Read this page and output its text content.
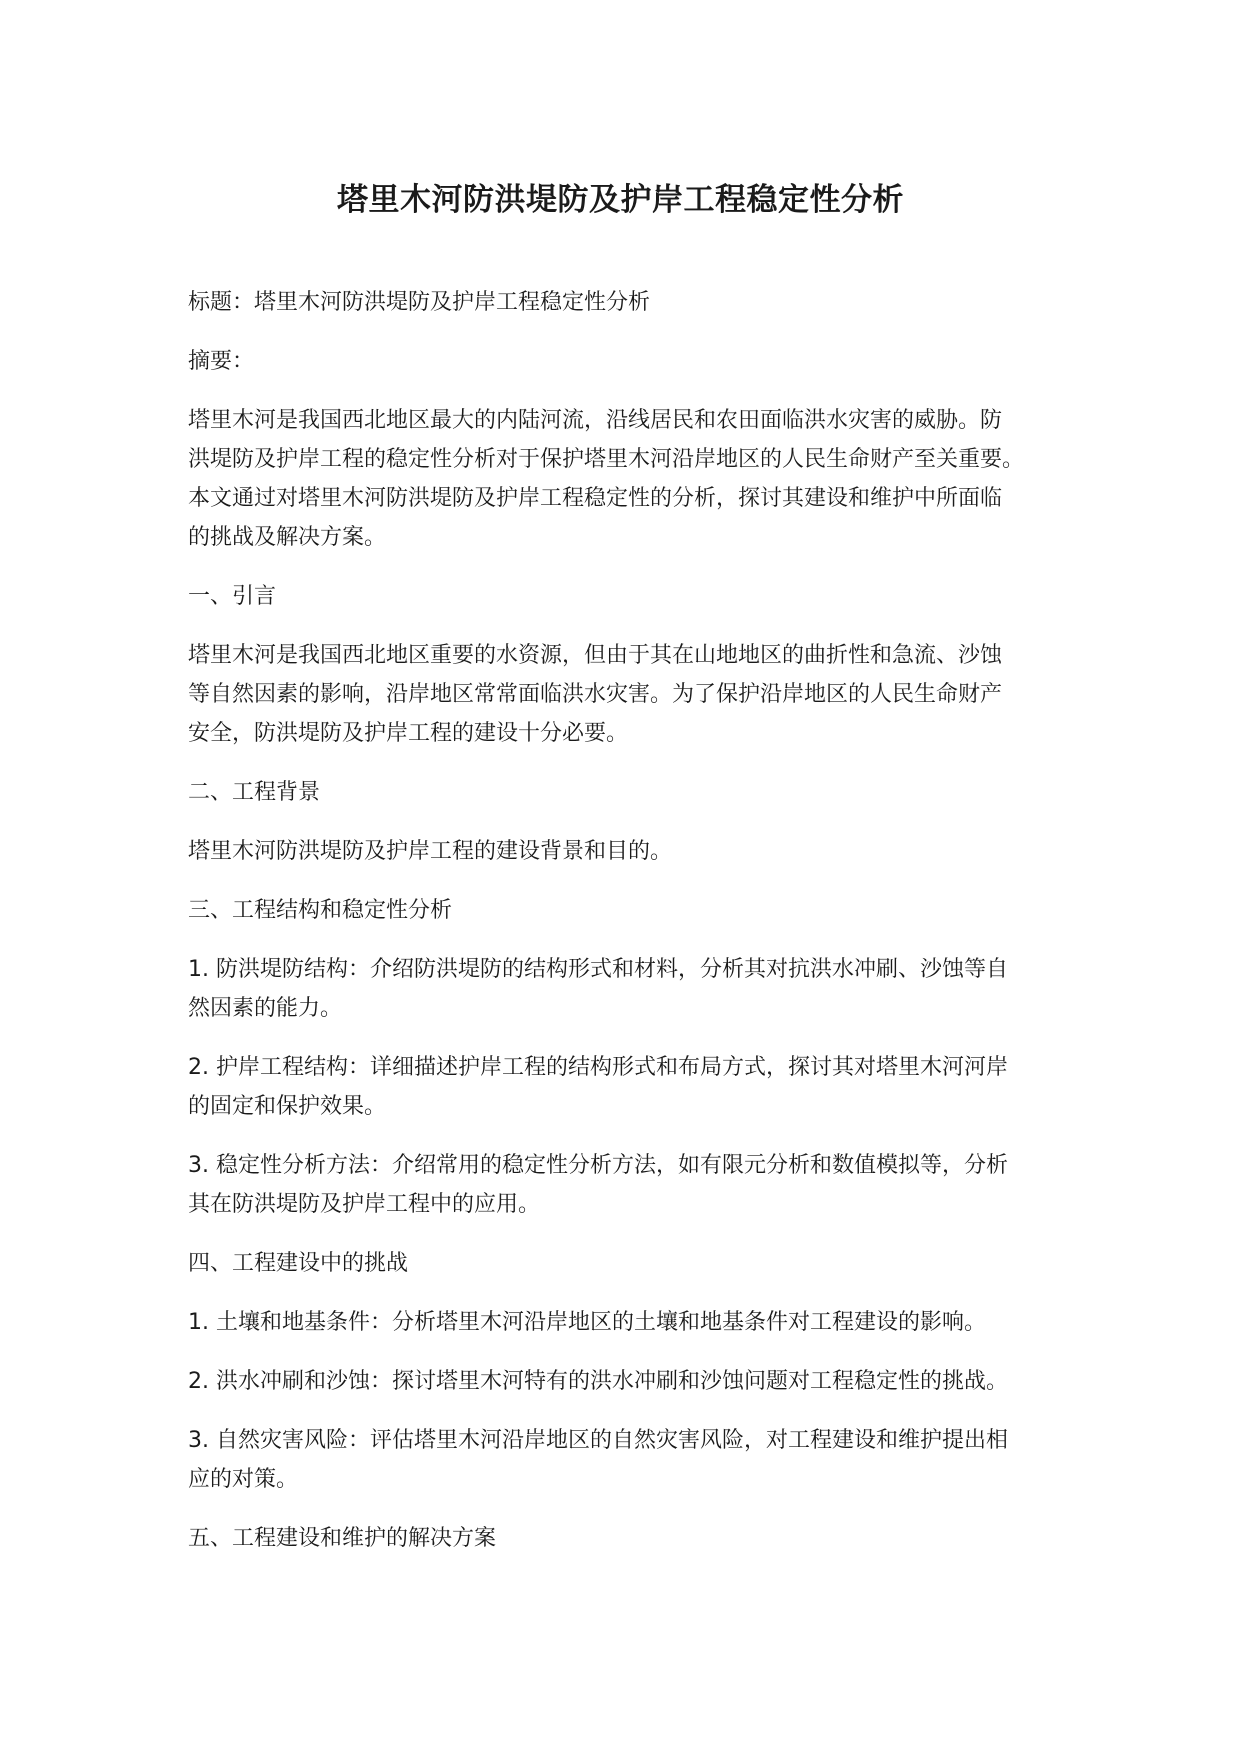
塔里木河防洪堤防及护岸工程稳定性分析
标题：塔里木河防洪堤防及护岸工程稳定性分析
摘要：
塔里木河是我国西北地区最大的内陆河流，沿线居民和农田面临洪水灾害的威胁。防
洪堤防及护岸工程的稳定性分析对于保护塔里木河沿岸地区的人民生命财产至关重要。
本文通过对塔里木河防洪堤防及护岸工程稳定性的分析，探讨其建设和维护中所面临
的挑战及解决方案。
一、引言
塔里木河是我国西北地区重要的水资源，但由于其在山地地区的曲折性和急流、沙蚀
等自然因素的影响，沿岸地区常常面临洪水灾害。为了保护沿岸地区的人民生命财产
安全，防洪堤防及护岸工程的建设十分必要。
二、工程背景
塔里木河防洪堤防及护岸工程的建设背景和目的。
三、工程结构和稳定性分析
1. 防洪堤防结构：介绍防洪堤防的结构形式和材料，分析其对抗洪水冲刷、沙蚀等自
然因素的能力。
2. 护岸工程结构：详细描述护岸工程的结构形式和布局方式，探讨其对塔里木河河岸
的固定和保护效果。
3. 稳定性分析方法：介绍常用的稳定性分析方法，如有限元分析和数值模拟等，分析
其在防洪堤防及护岸工程中的应用。
四、工程建设中的挑战
1. 土壤和地基条件：分析塔里木河沿岸地区的土壤和地基条件对工程建设的影响。
2. 洪水冲刷和沙蚀：探讨塔里木河特有的洪水冲刷和沙蚀问题对工程稳定性的挑战。
3. 自然灾害风险：评估塔里木河沿岸地区的自然灾害风险，对工程建设和维护提出相
应的对策。
五、工程建设和维护的解决方案
